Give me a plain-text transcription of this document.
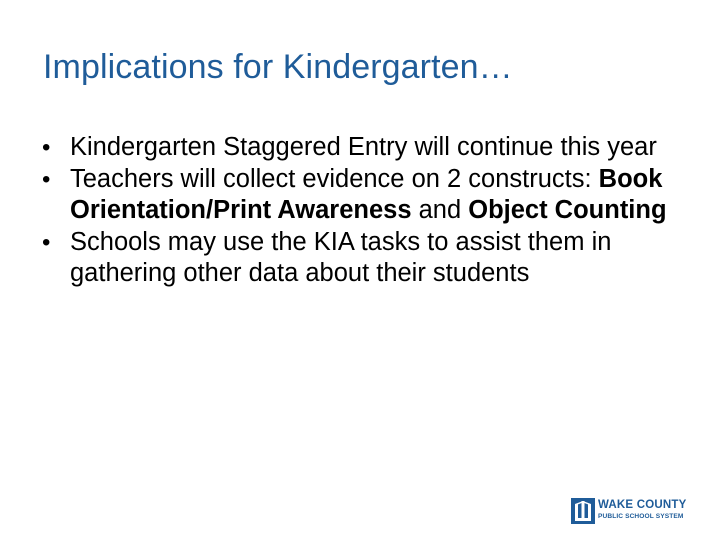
Implications for Kindergarten…
• Kindergarten Staggered Entry will continue this year
• Teachers will collect evidence on 2 constructs: Book Orientation/Print Awareness and Object Counting
• Schools may use the KIA tasks to assist them in gathering other data about their students
WAKE COUNTY
PUBLIC SCHOOL SYSTEM
